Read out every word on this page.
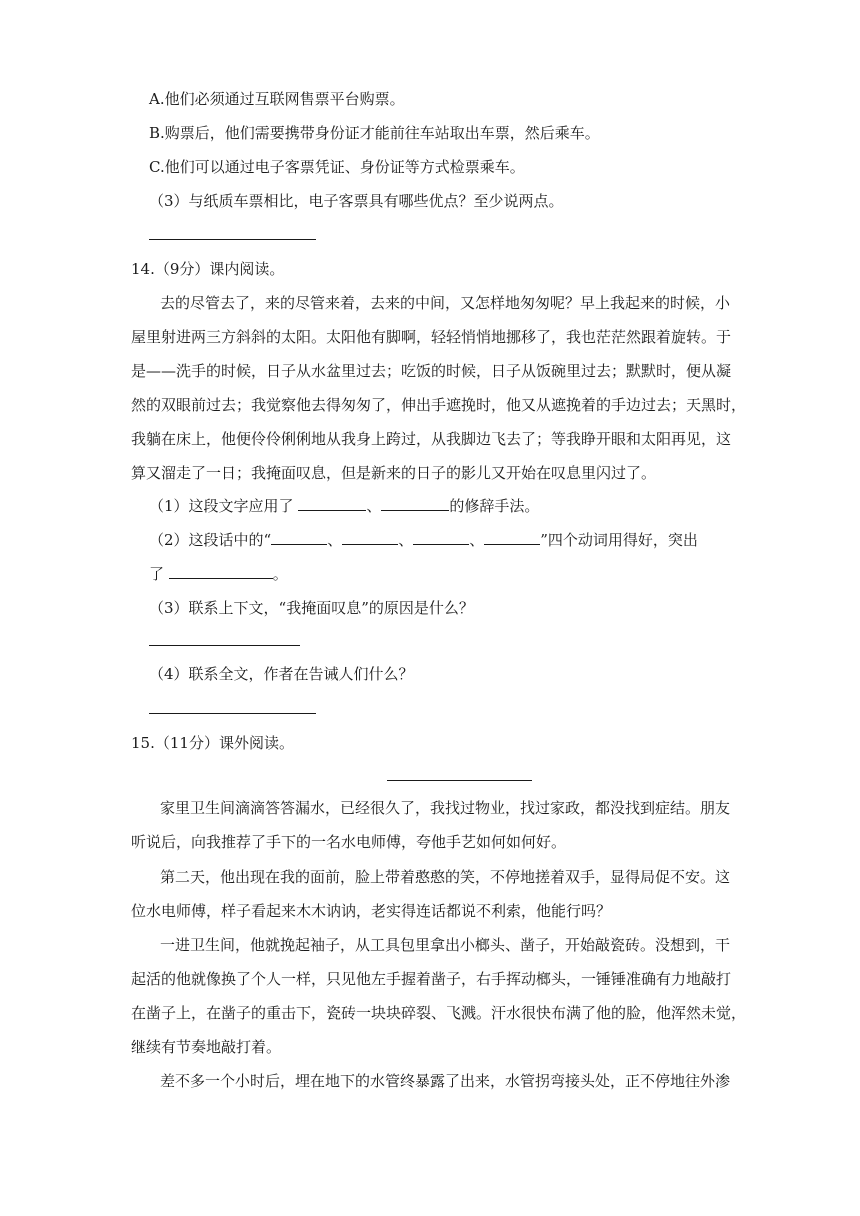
A.他们必须通过互联网售票平台购票。
B.购票后，他们需要携带身份证才能前往车站取出车票，然后乘车。
C.他们可以通过电子客票凭证、身份证等方式检票乘车。
（3）与纸质车票相比，电子客票具有哪些优点？至少说两点。
14.（9分）课内阅读。
去的尽管去了，来的尽管来着，去来的中间，又怎样地匆匆呢？早上我起来的时候，小
屋里射进两三方斜斜的太阳。太阳他有脚啊，轻轻悄悄地挪移了，我也茫茫然跟着旋转。于
是——洗手的时候，日子从水盆里过去；吃饭的时候，日子从饭碗里过去；默默时，便从凝
然的双眼前过去；我觉察他去得匆匆了，伸出手遮挽时，他又从遮挽着的手边过去；天黑时，
我躺在床上，他便伶伶俐俐地从我身上跨过，从我脚边飞去了；等我睁开眼和太阳再见，这
算又溜走了一日；我掩面叹息，但是新来的日子的影儿又开始在叹息里闪过了。
（1）这段文字应用了	、	的修辞手法。
（2）这段话中的“	、	、	、	”四个动词用得好，突出
了	。
（3）联系上下文，“我掩面叹息”的原因是什么？
（4）联系全文，作者在告诫人们什么？
15.（11分）课外阅读。
家里卫生间滴滴答答漏水，已经很久了，我找过物业，找过家政，都没找到症结。朋友
听说后，向我推荐了手下的一名水电师傅，夸他手艺如何如何好。
第二天，他出现在我的面前，脸上带着憨憨的笑，不停地搓着双手，显得局促不安。这
位水电师傅，样子看起来木木讷讷，老实得连话都说不利索，他能行吗？
一进卫生间，他就挽起袖子，从工具包里拿出小榔头、凿子，开始敲瓷砖。没想到，干
起活的他就像换了个人一样，只见他左手握着凿子，右手挥动榔头，一锤锤准确有力地敲打
在凿子上，在凿子的重击下，瓷砖一块块碎裂、飞溅。汗水很快布满了他的脸，他浑然未觉，
继续有节奏地敲打着。
差不多一个小时后，埋在地下的水管终暴露了出来，水管拐弯接头处，正不停地往外渗
